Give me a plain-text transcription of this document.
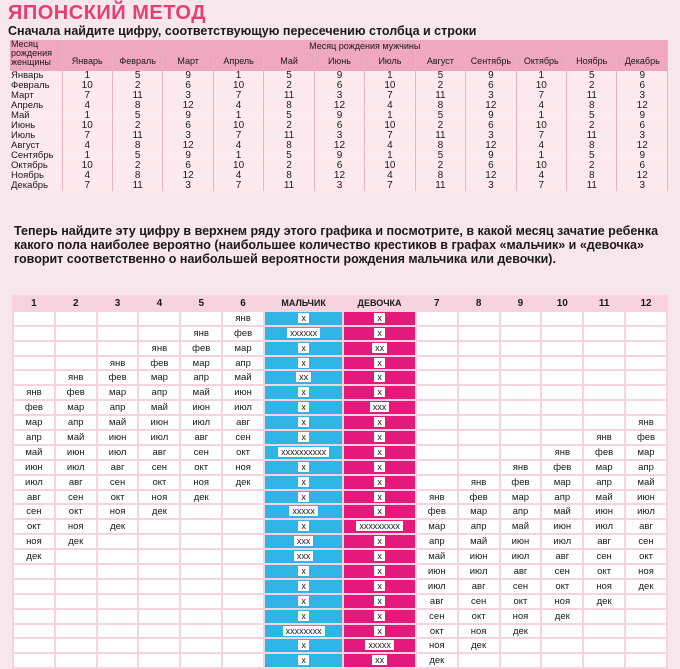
ЯПОНСКИЙ МЕТОД
Сначала найдите цифру, соответствующую пересечению столбца и строки
Месяц рождения женщины	Месяц рождения мужчины											
	Январь	Февраль	Март	Апрель	Май	Июнь	Июль	Август	Сентябрь	Октябрь	Ноябрь	Декабрь
Январь	1	5	9	1	5	9	1	5	9	1	5	9
Февраль	10	2	6	10	2	6	10	2	6	10	2	6
Март	7	11	3	7	11	3	7	11	3	7	11	3
Апрель	4	8	12	4	8	12	4	8	12	4	8	12
Май	1	5	9	1	5	9	1	5	9	1	5	9
Июнь	10	2	6	10	2	6	10	2	6	10	2	6
Июль	7	11	3	7	11	3	7	11	3	7	11	3
Август	4	8	12	4	8	12	4	8	12	4	8	12
Сентябрь	1	5	9	1	5	9	1	5	9	1	5	9
Октябрь	10	2	6	10	2	6	10	2	6	10	2	6
Ноябрь	4	8	12	4	8	12	4	8	12	4	8	12
Декабрь	7	11	3	7	11	3	7	11	3	7	11	3
Теперь найдите эту цифру в верхнем ряду этого графика и посмотрите, в какой месяц зачатие ребенка какого пола наиболее вероятно (наибольшее количество крестиков в графах «мальчик» и «девочка» говорит соответственно о наибольшей вероятности рождения мальчика или девочки).
1	2	3	4	5	6	МАЛЬЧИК	ДЕВОЧКА	7	8	9	10	11	12
					янв	x	x						
				янв	фев	xxxxxx	x						
			янв	фев	мар	x	xx						
		янв	фев	мар	апр	x	x						
	янв	фев	мар	апр	май	xx	x						
янв	фев	мар	апр	май	июн	x	x						
фев	мар	апр	май	июн	июл	x	xxx						
мар	апр	май	июн	июл	авг	x	x						янв
апр	май	июн	июл	авг	сен	x	x					янв	фев
май	июн	июл	авг	сен	окт	xxxxxxxxxx	x				янв	фев	мар
июн	июл	авг	сен	окт	ноя	x	x			янв	фев	мар	апр
июл	авг	сен	окт	ноя	дек	x	x		янв	фев	мар	апр	май
авг	сен	окт	ноя	дек		x	x	янв	фев	мар	апр	май	июн
сен	окт	ноя	дек			xxxxx	x	фев	мар	апр	май	июн	июл
окт	ноя	дек				x	xxxxxxxxx	мар	апр	май	июн	июл	авг
ноя	дек					xxx	x	апр	май	июн	июл	авг	сен
дек						xxx	x	май	июн	июл	авг	сен	окт
						x	x	июн	июл	авг	сен	окт	ноя
						x	x	июл	авг	сен	окт	ноя	дек
						x	x	авг	сен	окт	ноя	дек	
						x	x	сен	окт	ноя	дек		
						xxxxxxxx	x	окт	ноя	дек			
						x	xxxxx	ноя	дек				
						x	xx	дек					
